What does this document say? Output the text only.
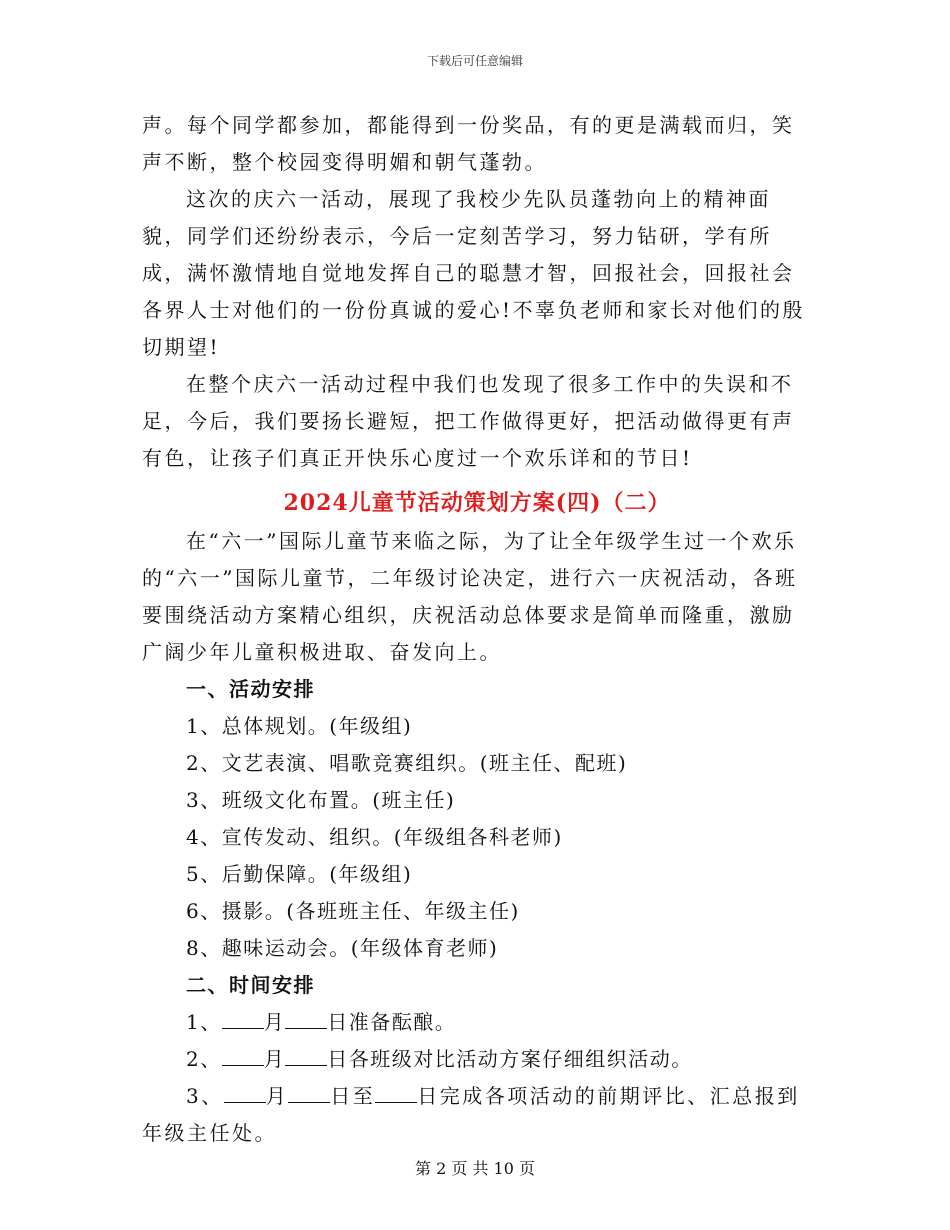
下载后可任意编辑

声。每个同学都参加，都能得到一份奖品，有的更是满载而归，笑声不断，整个校园变得明媚和朝气蓬勃。

这次的庆六一活动，展现了我校少先队员蓬勃向上的精神面貌，同学们还纷纷表示，今后一定刻苦学习，努力钻研，学有所成，满怀激情地自觉地发挥自己的聪慧才智，回报社会，回报社会各界人士对他们的一份份真诚的爱心!不辜负老师和家长对他们的殷切期望!

在整个庆六一活动过程中我们也发现了很多工作中的失误和不足，今后，我们要扬长避短，把工作做得更好，把活动做得更有声有色，让孩子们真正开快乐心度过一个欢乐详和的节日!

2024儿童节活动策划方案(四)（二）

在“六一”国际儿童节来临之际，为了让全年级学生过一个欢乐的“六一”国际儿童节，二年级讨论决定，进行六一庆祝活动，各班要围绕活动方案精心组织，庆祝活动总体要求是简单而隆重，激励广阔少年儿童积极进取、奋发向上。

一、活动安排
1、总体规划。(年级组)
2、文艺表演、唱歌竞赛组织。(班主任、配班)
3、班级文化布置。(班主任)
4、宣传发动、组织。(年级组各科老师)
5、后勤保障。(年级组)
6、摄影。(各班班主任、年级主任)
8、趣味运动会。(年级体育老师)
二、时间安排
1、 月 日准备酝酿。
2、 月 日各班级对比活动方案仔细组织活动。

3、 月 日至 日完成各项活动的前期评比、汇总报到年级主任处。

第 2 页 共 10 页
